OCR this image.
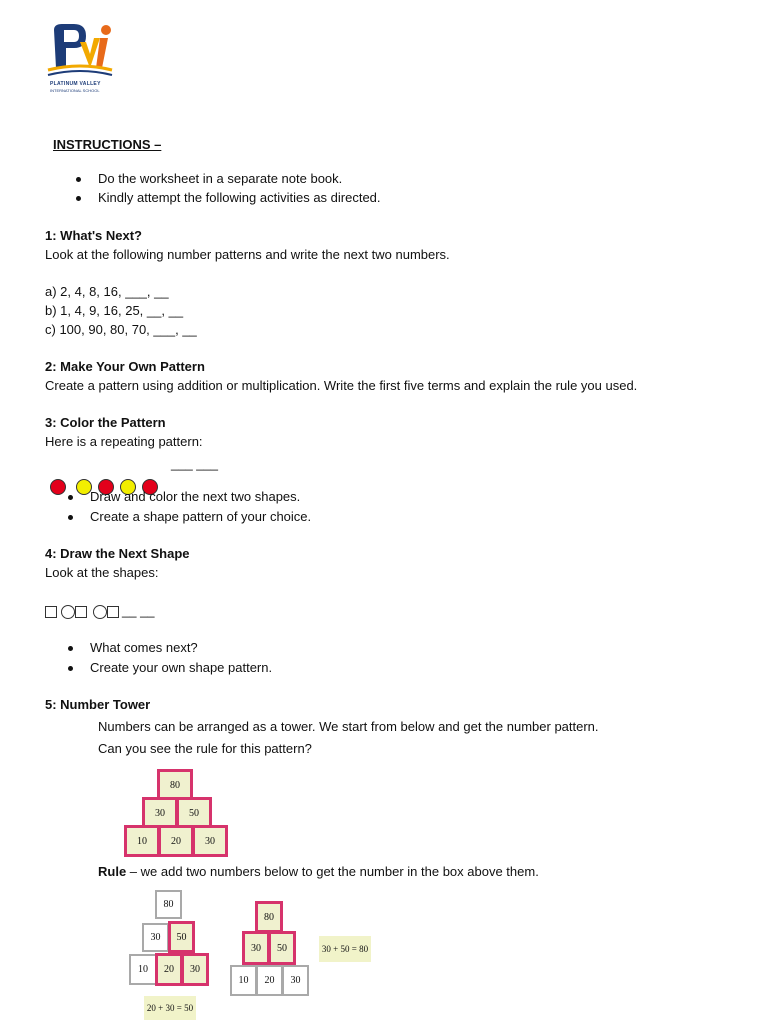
PLATINUM VALLEY
INTERNATIONAL SCHOOL
INSTRUCTIONS –
Do the worksheet in a separate note book.
Kindly attempt the following activities as directed.
1: What's Next?
Look at the following number patterns and write the next two numbers.
a) 2, 4, 8, 16, ___, __
b) 1, 4, 9, 16, 25, __, __
c) 100, 90, 80, 70, ___, __
2: Make Your Own Pattern
Create a pattern using addition or multiplication. Write the first five terms and explain the rule you used.
3: Color the Pattern
Here is a repeating pattern:
___ ___
Draw and color the next two shapes.
Create a shape pattern of your choice.
4: Draw the Next Shape
Look at the shapes:
__ __
What comes next?
Create your own shape pattern.
5: Number Tower
Numbers can be arranged as a tower. We start from below and get the number pattern.
Can you see the rule for this pattern?
80
30	50
10	20	30
Rule – we add two numbers below to get the number in the box above them.
80
30	50
10	20	30
20 + 30 = 50
80
30	50
10	20	30
30 + 50 = 80
